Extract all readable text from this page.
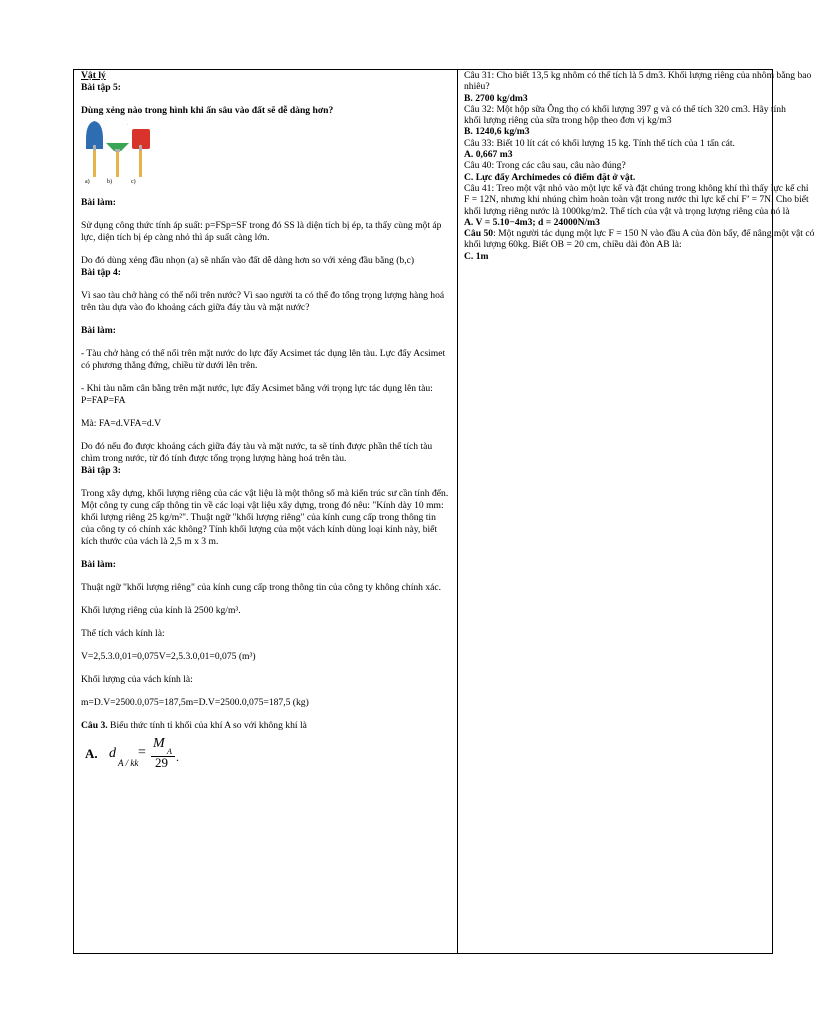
Vật lý

Bài tập 5:

Dùng xẻng nào trong hình khi ấn sâu vào đất sẽ dễ dàng hơn?

.
a)	b)	c)

Bài làm:

Sử dụng công thức tính áp suất: p=FSp=SF trong đó SS là diện tích bị ép, ta thấy cùng một áp lực, diện tích bị ép càng nhỏ thì áp suất càng lớn.

Do đó dùng xẻng đầu nhọn (a) sẽ nhấn vào đất dễ dàng hơn so với xẻng đầu bằng (b,c)

Bài tập 4:

Vì sao tàu chở hàng có thể nổi trên nước? Vì sao người ta có thể đo tổng trọng lượng hàng hoá trên tàu dựa vào đo khoảng cách giữa đáy tàu và mặt nước?

Bài làm:

- Tàu chở hàng có thể nổi trên mặt nước do lực đẩy Acsimet tác dụng lên tàu. Lực đẩy Acsimet có phương thẳng đứng, chiều từ dưới lên trên.

- Khi tàu nằm cân bằng trên mặt nước, lực đẩy Acsimet bằng với trọng lực tác dụng lên tàu: P=FAP=FA

Mà: FA=d.VFA=d.V

Do đó nếu đo được khoảng cách giữa đáy tàu và mặt nước, ta sẽ tính được phần thể tích tàu chìm trong nước, từ đó tính được tổng trọng lượng hàng hoá trên tàu.

Bài tập 3:

Trong xây dựng, khối lượng riêng của các vật liệu là một thông số mà kiến trúc sư cần tính đến. Một công ty cung cấp thông tin về các loại vật liệu xây dựng, trong đó nêu: "Kính dày 10 mm: khối lượng riêng 25 kg/m²". Thuật ngữ "khối lượng riêng" của kính cung cấp trong thông tin của công ty có chính xác không? Tính khối lượng của một vách kính dùng loại kính này, biết kích thước của vách là 2,5 m x 3 m.

Bài làm:

Thuật ngữ "khối lượng riêng" của kính cung cấp trong thông tin của công ty không chính xác.

Khối lượng riêng của kính là 2500 kg/m³.

Thể tích vách kính là:

V=2,5.3.0,01=0,075V=2,5.3.0,01=0,075 (m³)

Khối lượng của vách kính là:

m=D.V=2500.0,075=187,5m=D.V=2500.0,075=187,5 (kg)

Câu 3. Biểu thức tính tỉ khối của khí A so với không khí là

A. d
A / kk
=
M
A
29 .
Câu 31: Cho biết 13,5 kg nhôm có thể tích là 5 dm3. Khối lượng riêng của nhôm bằng bao
nhiêu?
B. 2700 kg/dm3
Câu 32: Một hộp sữa Ông thọ có khối lượng 397 g và có thể tích 320 cm3. Hãy tính
khối lượng riêng của sữa trong hộp theo đơn vị kg/m3
B. 1240,6 kg/m3
Câu 33: Biết 10 lít cát có khối lượng 15 kg. Tính thể tích của 1 tấn cát.
A. 0,667 m3
Câu 40: Trong các câu sau, câu nào đúng?
C. Lực đẩy Archimedes có điểm đặt ở vật.
Câu 41: Treo một vật nhỏ vào một lực kế và đặt chúng trong không khí thì thấy lực kế chỉ
F = 12N, nhưng khi nhúng chìm hoàn toàn vật trong nước thì lực kế chỉ F’ = 7N. Cho biết
khối lượng riêng nước là 1000kg/m2. Thể tích của vật và trọng lượng riêng của nó là
A. V = 5.10−4m3; d = 24000N/m3
Câu 50: Một người tác dụng một lực F = 150 N vào đầu A của đòn bẩy, để nâng một vật có
khối lượng 60kg. Biết OB = 20 cm, chiều dài đòn AB là:
C. 1m
